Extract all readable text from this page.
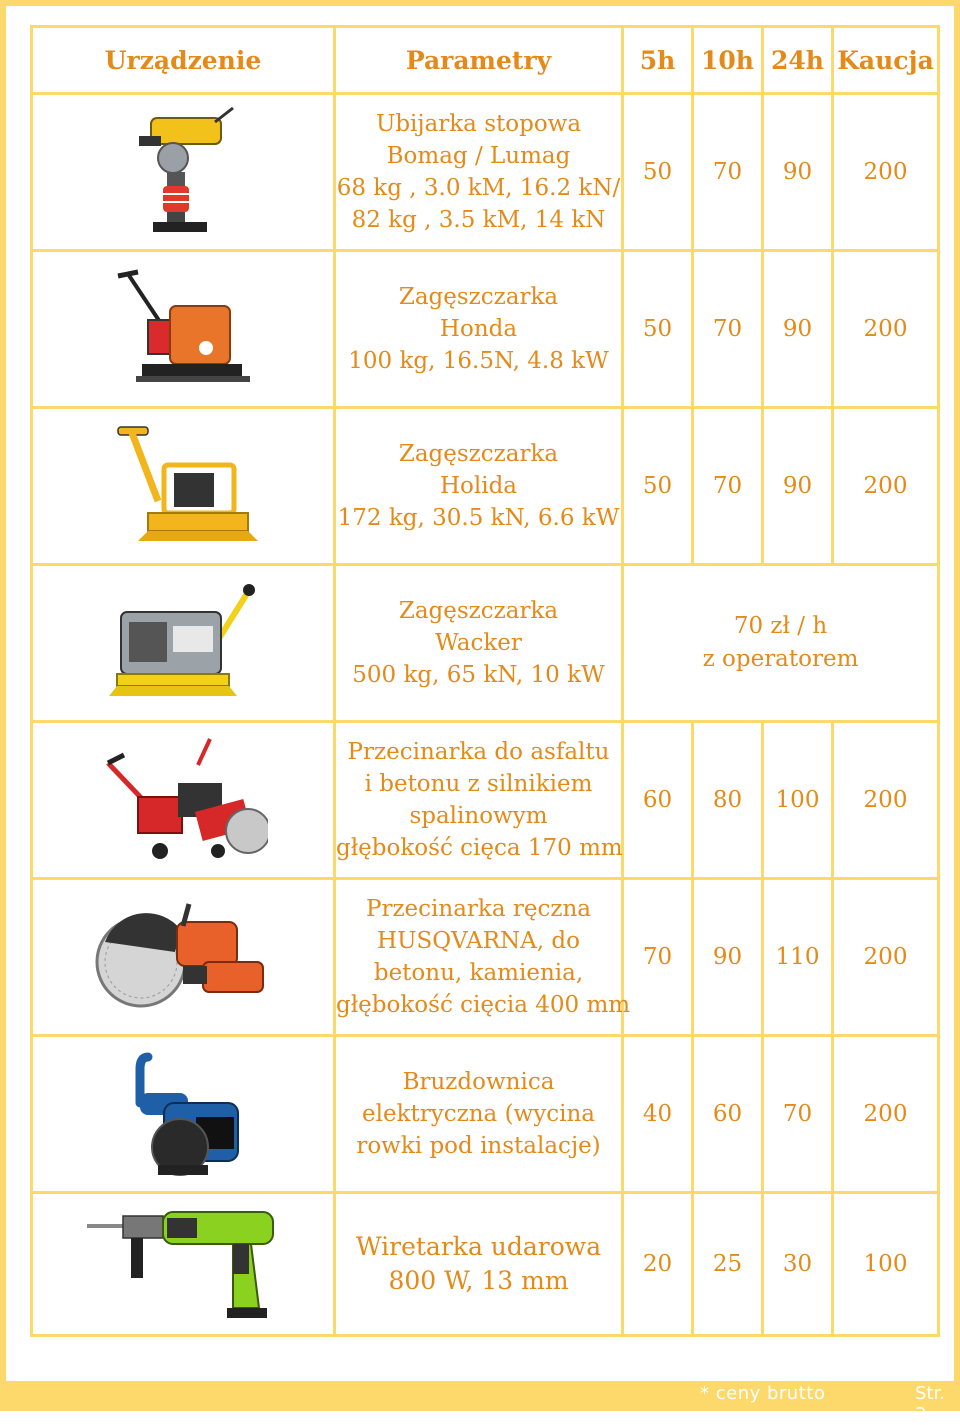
Urządzenie	Parametry	5h	10h	24h	Kaucja

Ubijarka stopowa
Bomag / Lumag
68 kg , 3.0 kM, 16.2 kN/
82 kg , 3.5 kM, 14 kN	50	70	90	200

Zagęszczarka
Honda
100 kg, 16.5N, 4.8 kW	50	70	90	200

Zagęszczarka
Holida
172 kg, 30.5 kN, 6.6 kW	50	70	90	200

Zagęszczarka
Wacker
500 kg, 65 kN, 10 kW	70 zł / h
z operatorem			

Przecinarka do asfaltu
i betonu z silnikiem
spalinowym
głębokość cięca 170 mm	60	80	100	200

Przecinarka ręczna
HUSQVARNA, do
betonu, kamienia,
głębokość cięcia 400 mm	70	90	110	200

Bruzdownica
elektryczna (wycina
rowki pod instalacje)	40	60	70	200

Wiretarka udarowa
800 W, 13 mm	20	25	30	100
* ceny brutto	Str. 3
